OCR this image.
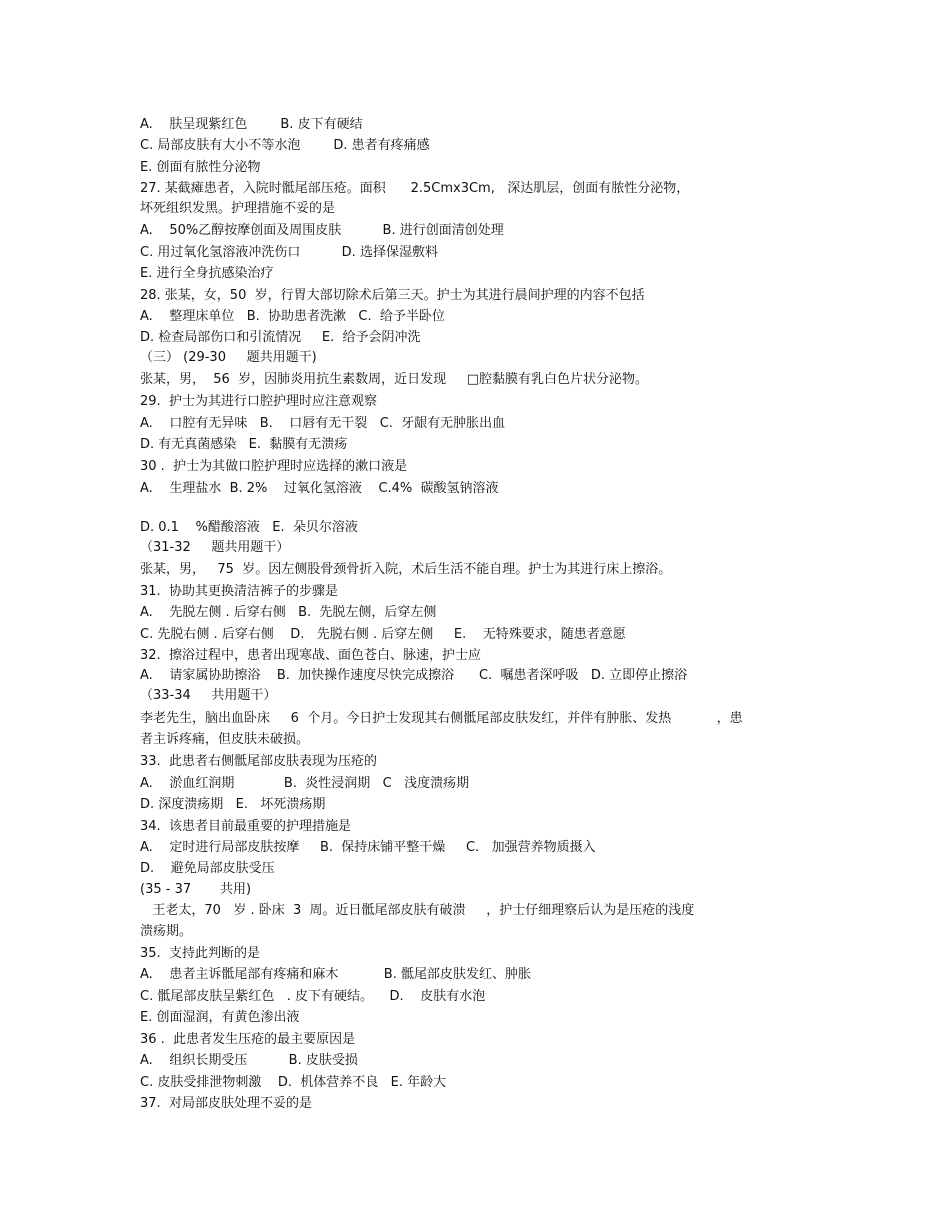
A.    肤呈现紫红色        B. 皮下有硬结

C. 局部皮肤有大小不等水泡        D. 患者有疼痛感

E. 创面有脓性分泌物

27. 某截瘫患者，入院时骶尾部压疮。面积      2.5Cmx3Cm,   深达肌层，创面有脓性分泌物，

坏死组织发黑。护理措施不妥的是

A.    50%乙醇按摩创面及周围皮肤          B. 进行创面清创处理

C. 用过氧化氢溶液冲洗伤口          D. 选择保湿敷料

E. 进行全身抗感染治疗

28. 张某，女，50  岁，行胃大部切除术后第三天。护士为其进行晨间护理的内容不包括

A.    整理床单位   B.  协助患者洗漱   C.  给予半卧位

D. 检查局部伤口和引流情况     E.  给予会阴冲洗

（三） (29-30     题共用题干)

张某，男，  56  岁，因肺炎用抗生素数周，近日发现     □腔黏膜有乳白色片状分泌物。

29.  护士为其进行口腔护理时应注意观察

A.    口腔有无异味   B.    口唇有无干裂   C.  牙龈有无肿胀出血

D. 有无真菌感染   E.  黏膜有无溃疡

30 .  护士为其做口腔护理时应选择的漱口液是

A.    生理盐水  B. 2%    过氧化氢溶液    C.4%  碳酸氢钠溶液

D. 0.1    %醋酸溶液   E.  朵贝尔溶液

（31-32     题共用题干）

张某，男，   75  岁。因左侧股骨颈骨折入院，术后生活不能自理。护士为其进行床上擦浴。

31.  协助其更换清洁裤子的步骤是

A.    先脱左侧 . 后穿右侧   B.  先脱左侧，后穿左侧

C. 先脱右侧 . 后穿右侧    D.   先脱右侧 . 后穿左侧     E.    无特殊要求，随患者意愿

32.  擦浴过程中，患者出现寒战、面色苍白、脉速，护士应

A.    请家属协助擦浴    B.  加快操作速度尽快完成擦浴      C.  嘱患者深呼吸   D. 立即停止擦浴

（33-34     共用题干）

李老先生，脑出血卧床     6  个月。今日护士发现其右侧骶尾部皮肤发红，并伴有肿胀、发热           ，患

者主诉疼痛，但皮肤未破损。

33.  此患者右侧骶尾部皮肤表现为压疮的

A.    淤血红润期            B.  炎性浸润期   C   浅度溃疡期

D. 深度溃疡期   E.   坏死溃疡期

34.  该患者目前最重要的护理措施是

A.    定时进行局部皮肤按摩     B.  保持床铺平整干燥     C.   加强营养物质摄入

D.    避免局部皮肤受压

(35 - 37       共用)

王老太，70   岁 . 卧床  3  周。近日骶尾部皮肤有破溃     ，护士仔细理察后认为是压疮的浅度

溃疡期。

35.  支持此判断的是

A.    患者主诉骶尾部有疼痛和麻木           B. 骶尾部皮肤发红、肿胀

C. 骶尾部皮肤呈紫红色   . 皮下有硬结。    D.    皮肤有水泡

E. 创面湿润，有黄色渗出液

36 .  此患者发生压疮的最主要原因是

A.    组织长期受压          B. 皮肤受损

C. 皮肤受排泄物刺激    D.  机体营养不良   E. 年龄大

37.  对局部皮肤处理不妥的是
